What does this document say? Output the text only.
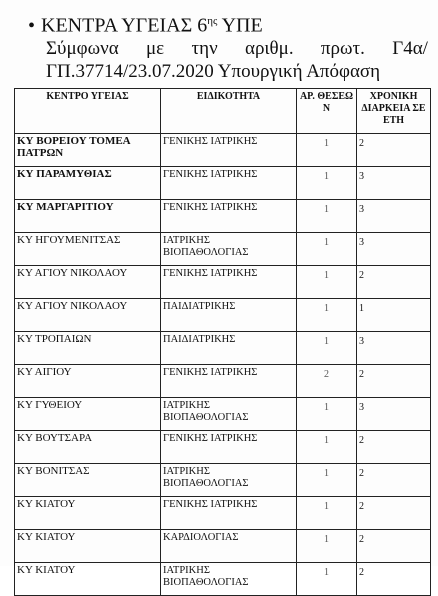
• ΚΕΝΤΡΑ ΥΓΕΙΑΣ $6^{\eta\varsigma}$ ΥΠΕ
Σύμφωνα με την αριθμ. πρωτ. Γ4α/
ΓΠ.37714/23.07.2020 Υπουργική Απόφαση
ΚΕΝΤΡΟ ΥΓΕΙΑΣ	ΕΙΔΙΚΟΤΗΤΑ	ΑΡ. ΘΕΣΕΩ Ν	ΧΡΟΝΙΚΗ ΔΙΑΡΚΕΙΑ ΣΕ ΕΤΗ
ΚΥ ΒΟΡΕΙΟΥ ΤΟΜΕΑ ΠΑΤΡΩΝ	ΓΕΝΙΚΗΣ ΙΑΤΡΙΚΗΣ	1	2
ΚΥ ΠΑΡΑΜΥΘΙΑΣ	ΓΕΝΙΚΗΣ ΙΑΤΡΙΚΗΣ	1	3
ΚΥ ΜΑΡΓΑΡΙΤΙΟΥ	ΓΕΝΙΚΗΣ ΙΑΤΡΙΚΗΣ	1	3
ΚΥ ΗΓΟΥΜΕΝΙΤΣΑΣ	ΙΑΤΡΙΚΗΣ ΒΙΟΠΑΘΟΛΟΓΙΑΣ	1	3
ΚΥ ΑΓΙΟΥ ΝΙΚΟΛΑΟΥ	ΓΕΝΙΚΗΣ ΙΑΤΡΙΚΗΣ	1	2
ΚΥ ΑΓΙΟΥ ΝΙΚΟΛΑΟΥ	ΠΑΙΔΙΑΤΡΙΚΗΣ	1	1
ΚΥ ΤΡΟΠΑΙΩΝ	ΠΑΙΔΙΑΤΡΙΚΗΣ	1	3
ΚΥ ΑΙΓΙΟΥ	ΓΕΝΙΚΗΣ ΙΑΤΡΙΚΗΣ	2	2
ΚΥ ΓΥΘΕΙΟΥ	ΙΑΤΡΙΚΗΣ ΒΙΟΠΑΘΟΛΟΓΙΑΣ	1	3
ΚΥ ΒΟΥΤΣΑΡΑ	ΓΕΝΙΚΗΣ ΙΑΤΡΙΚΗΣ	1	2
ΚΥ ΒΟΝΙΤΣΑΣ	ΙΑΤΡΙΚΗΣ ΒΙΟΠΑΘΟΛΟΓΙΑΣ	1	2
ΚΥ ΚΙΑΤΟΥ	ΓΕΝΙΚΗΣ ΙΑΤΡΙΚΗΣ	1	2
ΚΥ ΚΙΑΤΟΥ	ΚΑΡΔΙΟΛΟΓΙΑΣ	1	2
ΚΥ ΚΙΑΤΟΥ	ΙΑΤΡΙΚΗΣ ΒΙΟΠΑΘΟΛΟΓΙΑΣ	1	2
